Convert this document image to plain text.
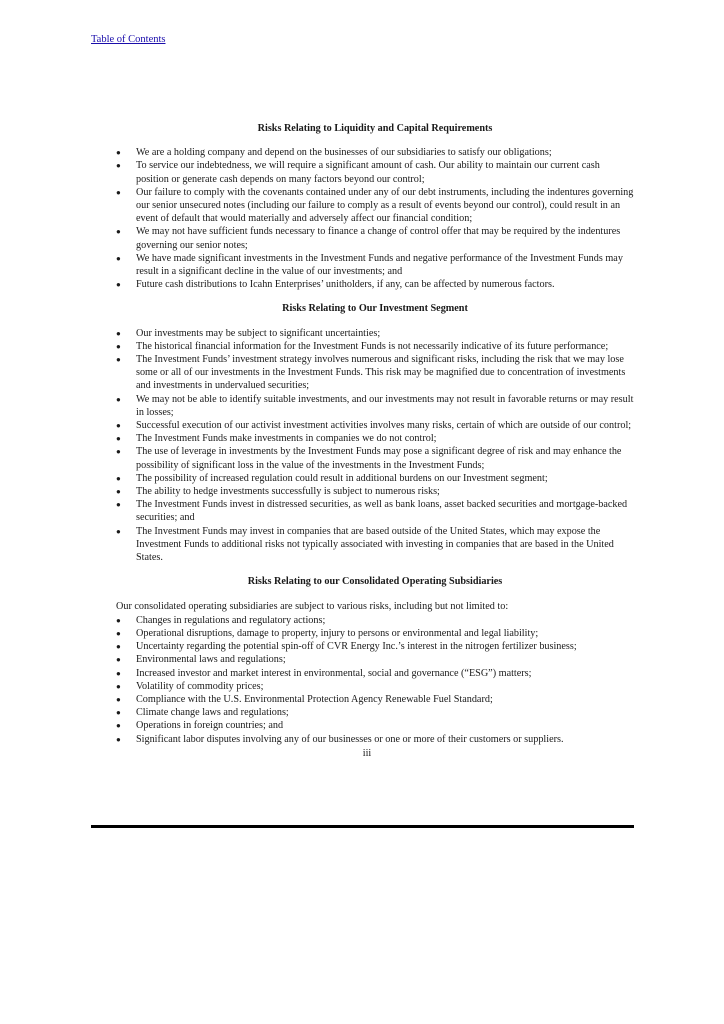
Table of Contents
Risks Relating to Liquidity and Capital Requirements
● We are a holding company and depend on the businesses of our subsidiaries to satisfy our obligations;
● To service our indebtedness, we will require a significant amount of cash. Our ability to maintain our current cash position or generate cash depends on many factors beyond our control;
● Our failure to comply with the covenants contained under any of our debt instruments, including the indentures governing our senior unsecured notes (including our failure to comply as a result of events beyond our control), could result in an event of default that would materially and adversely affect our financial condition;
● We may not have sufficient funds necessary to finance a change of control offer that may be required by the indentures governing our senior notes;
● We have made significant investments in the Investment Funds and negative performance of the Investment Funds may result in a significant decline in the value of our investments; and
● Future cash distributions to Icahn Enterprises’ unitholders, if any, can be affected by numerous factors.
Risks Relating to Our Investment Segment
● Our investments may be subject to significant uncertainties;
● The historical financial information for the Investment Funds is not necessarily indicative of its future performance;
● The Investment Funds’ investment strategy involves numerous and significant risks, including the risk that we may lose some or all of our investments in the Investment Funds. This risk may be magnified due to concentration of investments and investments in undervalued securities;
● We may not be able to identify suitable investments, and our investments may not result in favorable returns or may result in losses;
● Successful execution of our activist investment activities involves many risks, certain of which are outside of our control;
● The Investment Funds make investments in companies we do not control;
● The use of leverage in investments by the Investment Funds may pose a significant degree of risk and may enhance the possibility of significant loss in the value of the investments in the Investment Funds;
● The possibility of increased regulation could result in additional burdens on our Investment segment;
● The ability to hedge investments successfully is subject to numerous risks;
● The Investment Funds invest in distressed securities, as well as bank loans, asset backed securities and mortgage-backed securities; and
● The Investment Funds may invest in companies that are based outside of the United States, which may expose the Investment Funds to additional risks not typically associated with investing in companies that are based in the United States.
Risks Relating to our Consolidated Operating Subsidiaries
Our consolidated operating subsidiaries are subject to various risks, including but not limited to:
● Changes in regulations and regulatory actions;
● Operational disruptions, damage to property, injury to persons or environmental and legal liability;
● Uncertainty regarding the potential spin-off of CVR Energy Inc.’s interest in the nitrogen fertilizer business;
● Environmental laws and regulations;
● Increased investor and market interest in environmental, social and governance (“ESG”) matters;
● Volatility of commodity prices;
● Compliance with the U.S. Environmental Protection Agency Renewable Fuel Standard;
● Climate change laws and regulations;
● Operations in foreign countries; and
● Significant labor disputes involving any of our businesses or one or more of their customers or suppliers.
iii
